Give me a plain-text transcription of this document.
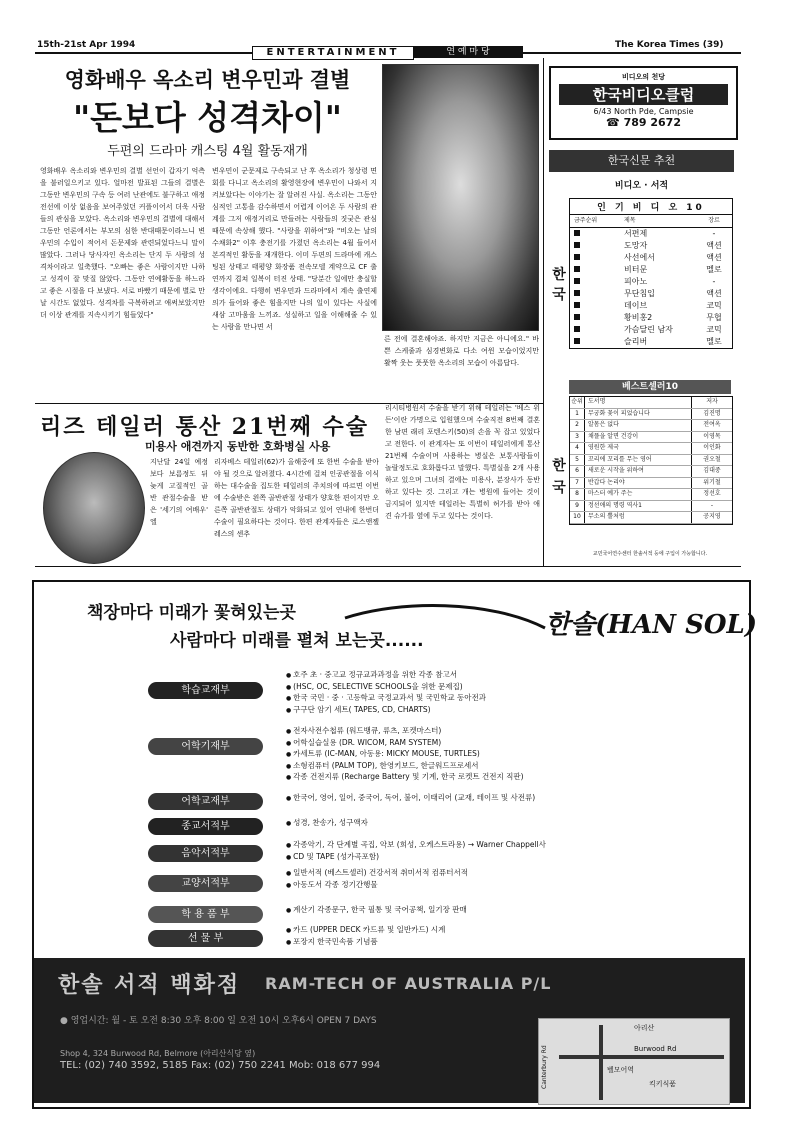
15th-21st Apr 1994	The Korea Times (39)
ENTERTAINMENT	연 예 마 당
영화배우 옥소리 변우민과 결별
"돈보다 성격차이"
두편의 드라마 캐스팅 4월 활동재개
영화배우 옥소리와 변우민의 결별 선언이 갑자기 억측을 불러일으키고 있다. 얼마전 발표된 그들의 결별은 그동안 변우민의 구속 등 여러 난관에도 불구하고 애정전선에 이상 없음을 보여주었던 커플이어서 더욱 사람들의 관심을 모았다. 옥소리와 변우민의 결별에 대해서 그동안 언론에서는 부모의 심한 반대때문이라느니 변우민의 수입이 적어서 돈문제와 관련되었다느니 말이 많았다. 그러나 당사자인 옥소리는 단지 두 사람의 성격차이라고 일축했다. "오빠는 좋은 사람이지만 나하고 성격이 잘 맞질 않았다. 그동안 연예활동을 하느라고 좋은 시절을 다 보냈다. 서로 바빴기 때문에 별로 만날 시간도 없었다. 성격차를 극복하려고 애써보았지만 더 이상 관계를 지속시키기 힘들었다"
변우민이 군문제로 구속되고 난 후 옥소리가 청상령 면회를 다니고 옥소리의 활영현장에 변우민이 나와서 지켜보았다는 이야기는 잘 알려진 사실. 옥소리는 그동안 심적인 고통을 감수하면서 어렵게 이어온 두 사람의 관계를 그저 애정거리로 만들려는 사람들의 짓궂은 관심때문에 속상해 했다. "사랑을 위하여"와 "비오는 날의 수채화2" 이후 충전기를 가졌던 옥소리는 4월 들어서 본격적인 활동을 재개한다. 이미 두편의 드라마에 캐스팅된 상태고 태평양 화장품 전속모델 계약으로 CF 출연까지 겹쳐 일복이 터진 상태. "당분간 일에만 충실할 생각이에요. 다행히 변우민과 드라마에서 계속 출연제의가 들어와 좋은 힘을지만 나의 일이 있다는 사실에 새삼 고마움을 느끼죠. 성실하고 일을 이해해줄 수 있는 사람을 만나면 서
른 전에 결혼해야죠. 하지만 지금은 아니에요." 바쁜 스케줄과 심경변화로 다소 여윈 모습이었지만 활짝 웃는 풋풋한 옥소리의 모습이 아름답다.
리즈 테일러 통산 21번째 수술
미용사 애견까지 동반한 호화병실 사용
지난달 24일 예정보다 보름정도 뒤늦게 고질적인 골반 관절수술을 받은 '세기의 여배우' 엘
리자베스 테일러(62)가 올해중에 또 한번 수술을 받아야 될 것으로 알려졌다. 4시간에 걸쳐 인공관절을 이식하는 대수술을 집도한 테일러의 주치의에 따르면 이번에 수술받은 왼쪽 골반관절 상태가 양호한 편이지만 오른쪽 골반관절도 상태가 악화되고 있어 연내에 한번더 수술이 필요하다는 것이다. 한편 관계자들은 로스앤젤레스의 센추
리시티병원서 수술을 받기 위해 테일러는 '베스 위든'이란 가명으로 입원했으며 수술직전 8번째 결혼한 남편 래리 포텐스키(50)의 손을 꼭 잡고 있었다고 전한다. 이 관계자는 또 이번이 테일러에게 통산 21번째 수술이며 사용하는 병실은 보통사람들이 놀랄정도로 호화롭다고 말했다. 특별실을 2개 사용하고 있으며 그녀의 결에는 미용사, 분장사가 동반하고 있다는 것. 그리고 개는 병원에 들어는 것이 금지되어 있지만 테일러는 특별히 허가를 받아 애견 슈가를 옆에 두고 있다는 것이다.
비디오의 천당
한국비디오클럽
6/43 North Pde, Campsie
☎ 789 2672
한국신문 추천
비디오 · 서적
한국
인 기 비 디 오 10
금주순위	제목	장르
서편제	-
도망자	액션
사선에서	액션
비터문	멜로
피아노	-
무단침입	액션
데이브	코믹
황비홍2	무협
가슴달린 남자	코믹
슬리버	멜로
베스트셀러10
한국
순위 도서명	저자
1	무궁화 꽃이 피었습니다	김진명
2	알몸은 없다	전여옥
3	채플을 알면 건강이	이영목
4	영원한 제국	이인화
5	꼬리에 꼬리를 무는 영어	권오철
6	새로운 시작을 위하여	김대중
7	반갑다 논리야	위기철
8	마스터 예가 주는	정선호
9	정선애의 명령 역사1	-
10	무소의 뿔처럼	공지영
교민국어연수센터 한솔서적 등에 구입이 가능합니다.
책장마다 미래가 꽃혀있는곳
사람마다 미래를 펼쳐 보는곳......
한솔(HAN SOL)
학습교재부
● 호주 초 · 중고교 정규교과과정을 위한 각종 참고서
● (HSC, OC, SELECTIVE SCHOOLS을 위한 문제집)
● 한국 국민 · 중 · 고등학교 국정교과서 및 국민학교 동아전과
● 구구단 암기 세트( TAPES, CD, CHARTS)
어학기재부
● 전자사전수첩류 (워드뱅큐, 류츠, 포켓마스터)
● 어학실습실용 (DR. WICOM, RAM SYSTEM)
● 카세트류 (IC-MAN, 아동용: MICKY MOUSE, TURTLES)
● 소형컴퓨터 (PALM TOP), 한영키보드, 한글워드프로세서
● 각종 건전지류 (Recharge Battery 및 기계, 한국 로켓트 건전지 직판)
어학교재부	● 한국어, 영어, 일어, 중국어, 독어, 불어, 이태리어 (교재, 테이프 및 사전류)
종교서적부	● 성경, 찬송가, 성구액자
음악서적부
● 각종악기, 각 단계별 곡집, 악보 (희성, 오케스트라용) → Warner Chappell사
● CD 및 TAPE (성가곡포함)
교양서적부
● 일반서적 (베스트셀러) 건강서적 취미서적 컴퓨터서적
● 아동도서 각종 정기간행물
학 용 품 부	● 계산기 각종문구, 한국 필통 및 국어공책, 일기장 판매
선 물 부
● 카드 (UPPER DECK 카드류 및 일반카드) 시계
● 포장지 한국민속품 기념품
한솔 서적 백화점 RAM-TECH OF AUSTRALIA P/L
● 영업시간: 월 - 토 오전 8:30 오후 8:00 일 오전 10시 오후6시 OPEN 7 DAYS
Shop 4, 324 Burwood Rd, Belmore (아리산식당 옆)
TEL: (02) 740 3592, 5185 Fax: (02) 750 2241 Mob: 018 677 994
아리산
Burwood Rd
벨모어역
Canterbury Rd	킥키식품
